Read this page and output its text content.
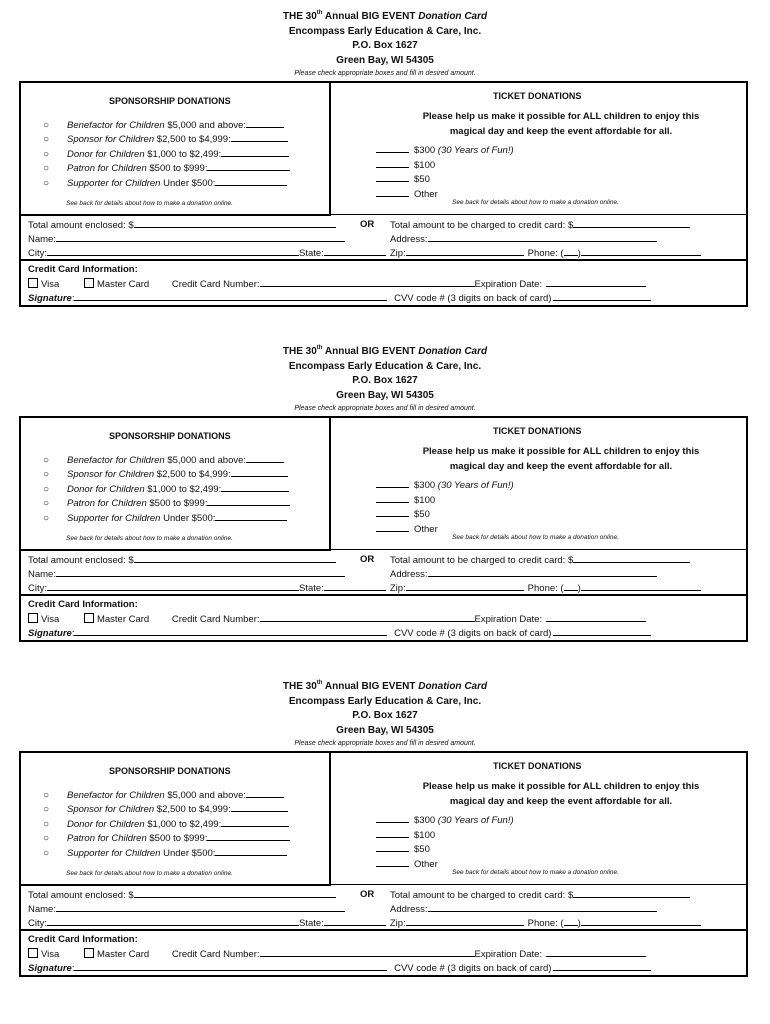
THE 30th Annual BIG EVENT Donation Card
Encompass Early Education & Care, Inc.
P.O. Box 1627
Green Bay, WI 54305
Please check appropriate boxes and fill in desired amount.
SPONSORSHIP DONATIONS
○ Benefactor for Children $5,000 and above:
○ Sponsor for Children $2,500 to $4,999:
○ Donor for Children $1,000 to $2,499:
○ Patron for Children $500 to $999:
○ Supporter for Children Under $500:
See back for details about how to make a donation online.
TICKET DONATIONS
Please help us make it possible for ALL children to enjoy this
magical day and keep the event affordable for all.
$300 (30 Years of Fun!)
$100
$50
Other
See back for details about how to make a donation online.
Total amount enclosed: $	OR Total amount to be charged to credit card: $
Name:	Address:
City:	State:	Zip:	Phone: ( )
Credit Card Information:
Visa	Master Card Credit Card Number:	Expiration Date:
Signature:	CVV code # (3 digits on back of card)
THE 30th Annual BIG EVENT Donation Card
Encompass Early Education & Care, Inc.
P.O. Box 1627
Green Bay, WI 54305
Please check appropriate boxes and fill in desired amount.
SPONSORSHIP DONATIONS
○ Benefactor for Children $5,000 and above:
○ Sponsor for Children $2,500 to $4,999:
○ Donor for Children $1,000 to $2,499:
○ Patron for Children $500 to $999:
○ Supporter for Children Under $500:
See back for details about how to make a donation online.
TICKET DONATIONS
Please help us make it possible for ALL children to enjoy this
magical day and keep the event affordable for all.
$300 (30 Years of Fun!)
$100
$50
Other
See back for details about how to make a donation online.
Total amount enclosed: $	OR Total amount to be charged to credit card: $
Name:	Address:
City:	State:	Zip:	Phone: ( )
Credit Card Information:
Visa	Master Card Credit Card Number:	Expiration Date:
Signature:	CVV code # (3 digits on back of card)
THE 30th Annual BIG EVENT Donation Card
Encompass Early Education & Care, Inc.
P.O. Box 1627
Green Bay, WI 54305
Please check appropriate boxes and fill in desired amount.
SPONSORSHIP DONATIONS
○ Benefactor for Children $5,000 and above:
○ Sponsor for Children $2,500 to $4,999:
○ Donor for Children $1,000 to $2,499:
○ Patron for Children $500 to $999:
○ Supporter for Children Under $500:
See back for details about how to make a donation online.
TICKET DONATIONS
Please help us make it possible for ALL children to enjoy this
magical day and keep the event affordable for all.
$300 (30 Years of Fun!)
$100
$50
Other
See back for details about how to make a donation online.
Total amount enclosed: $	OR Total amount to be charged to credit card: $
Name:	Address:
City:	State:	Zip:	Phone: ( )
Credit Card Information:
Visa	Master Card Credit Card Number:	Expiration Date:
Signature:	CVV code # (3 digits on back of card)
